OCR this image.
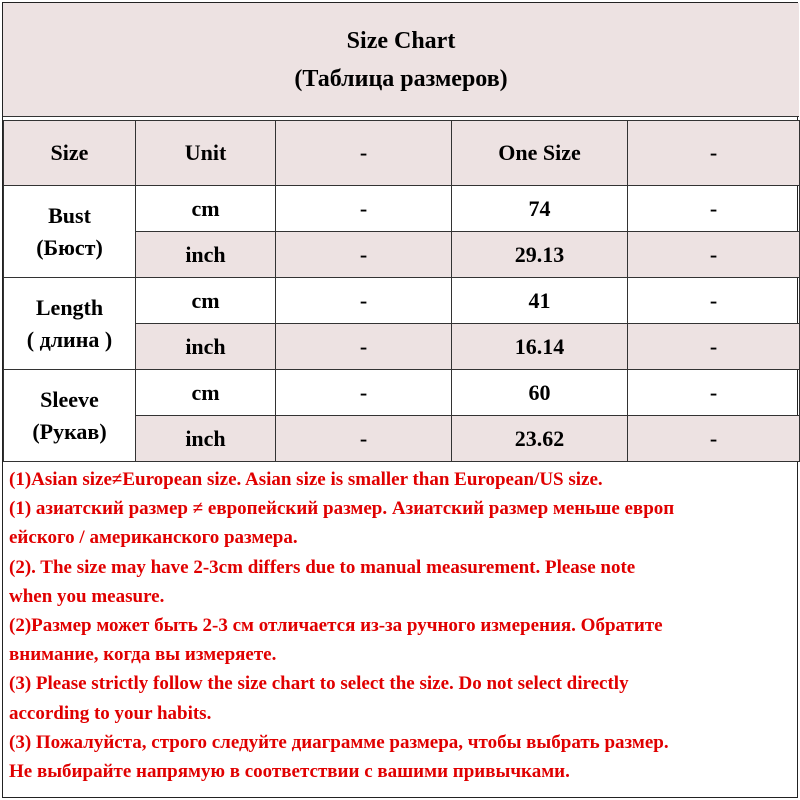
Size Chart
(Таблица размеров)
Size	Unit	-	One Size	-

Bust
(Бюст)	cm	-	74	-
	inch	-	29.13	-

Length
( длина )	cm	-	41	-
	inch	-	16.14	-

Sleeve
(Рукав)	cm	-	60	-
	inch	-	23.62	-
(1)Asian size≠European size. Asian size is smaller than European/US size.
(1) азиатский размер ≠ европейский размер. Азиатский размер меньше европ
ейского / американского размера.
(2). The size may have 2-3cm differs due to manual measurement. Please note
when you measure.
(2)Размер может быть 2-3 см отличается из-за ручного измерения. Обратите
внимание, когда вы измеряете.
(3) Please strictly follow the size chart to select the size. Do not select directly
according to your habits.
(3) Пожалуйста, строго следуйте диаграмме размера, чтобы выбрать размер.
Не выбирайте напрямую в соответствии с вашими привычками.
